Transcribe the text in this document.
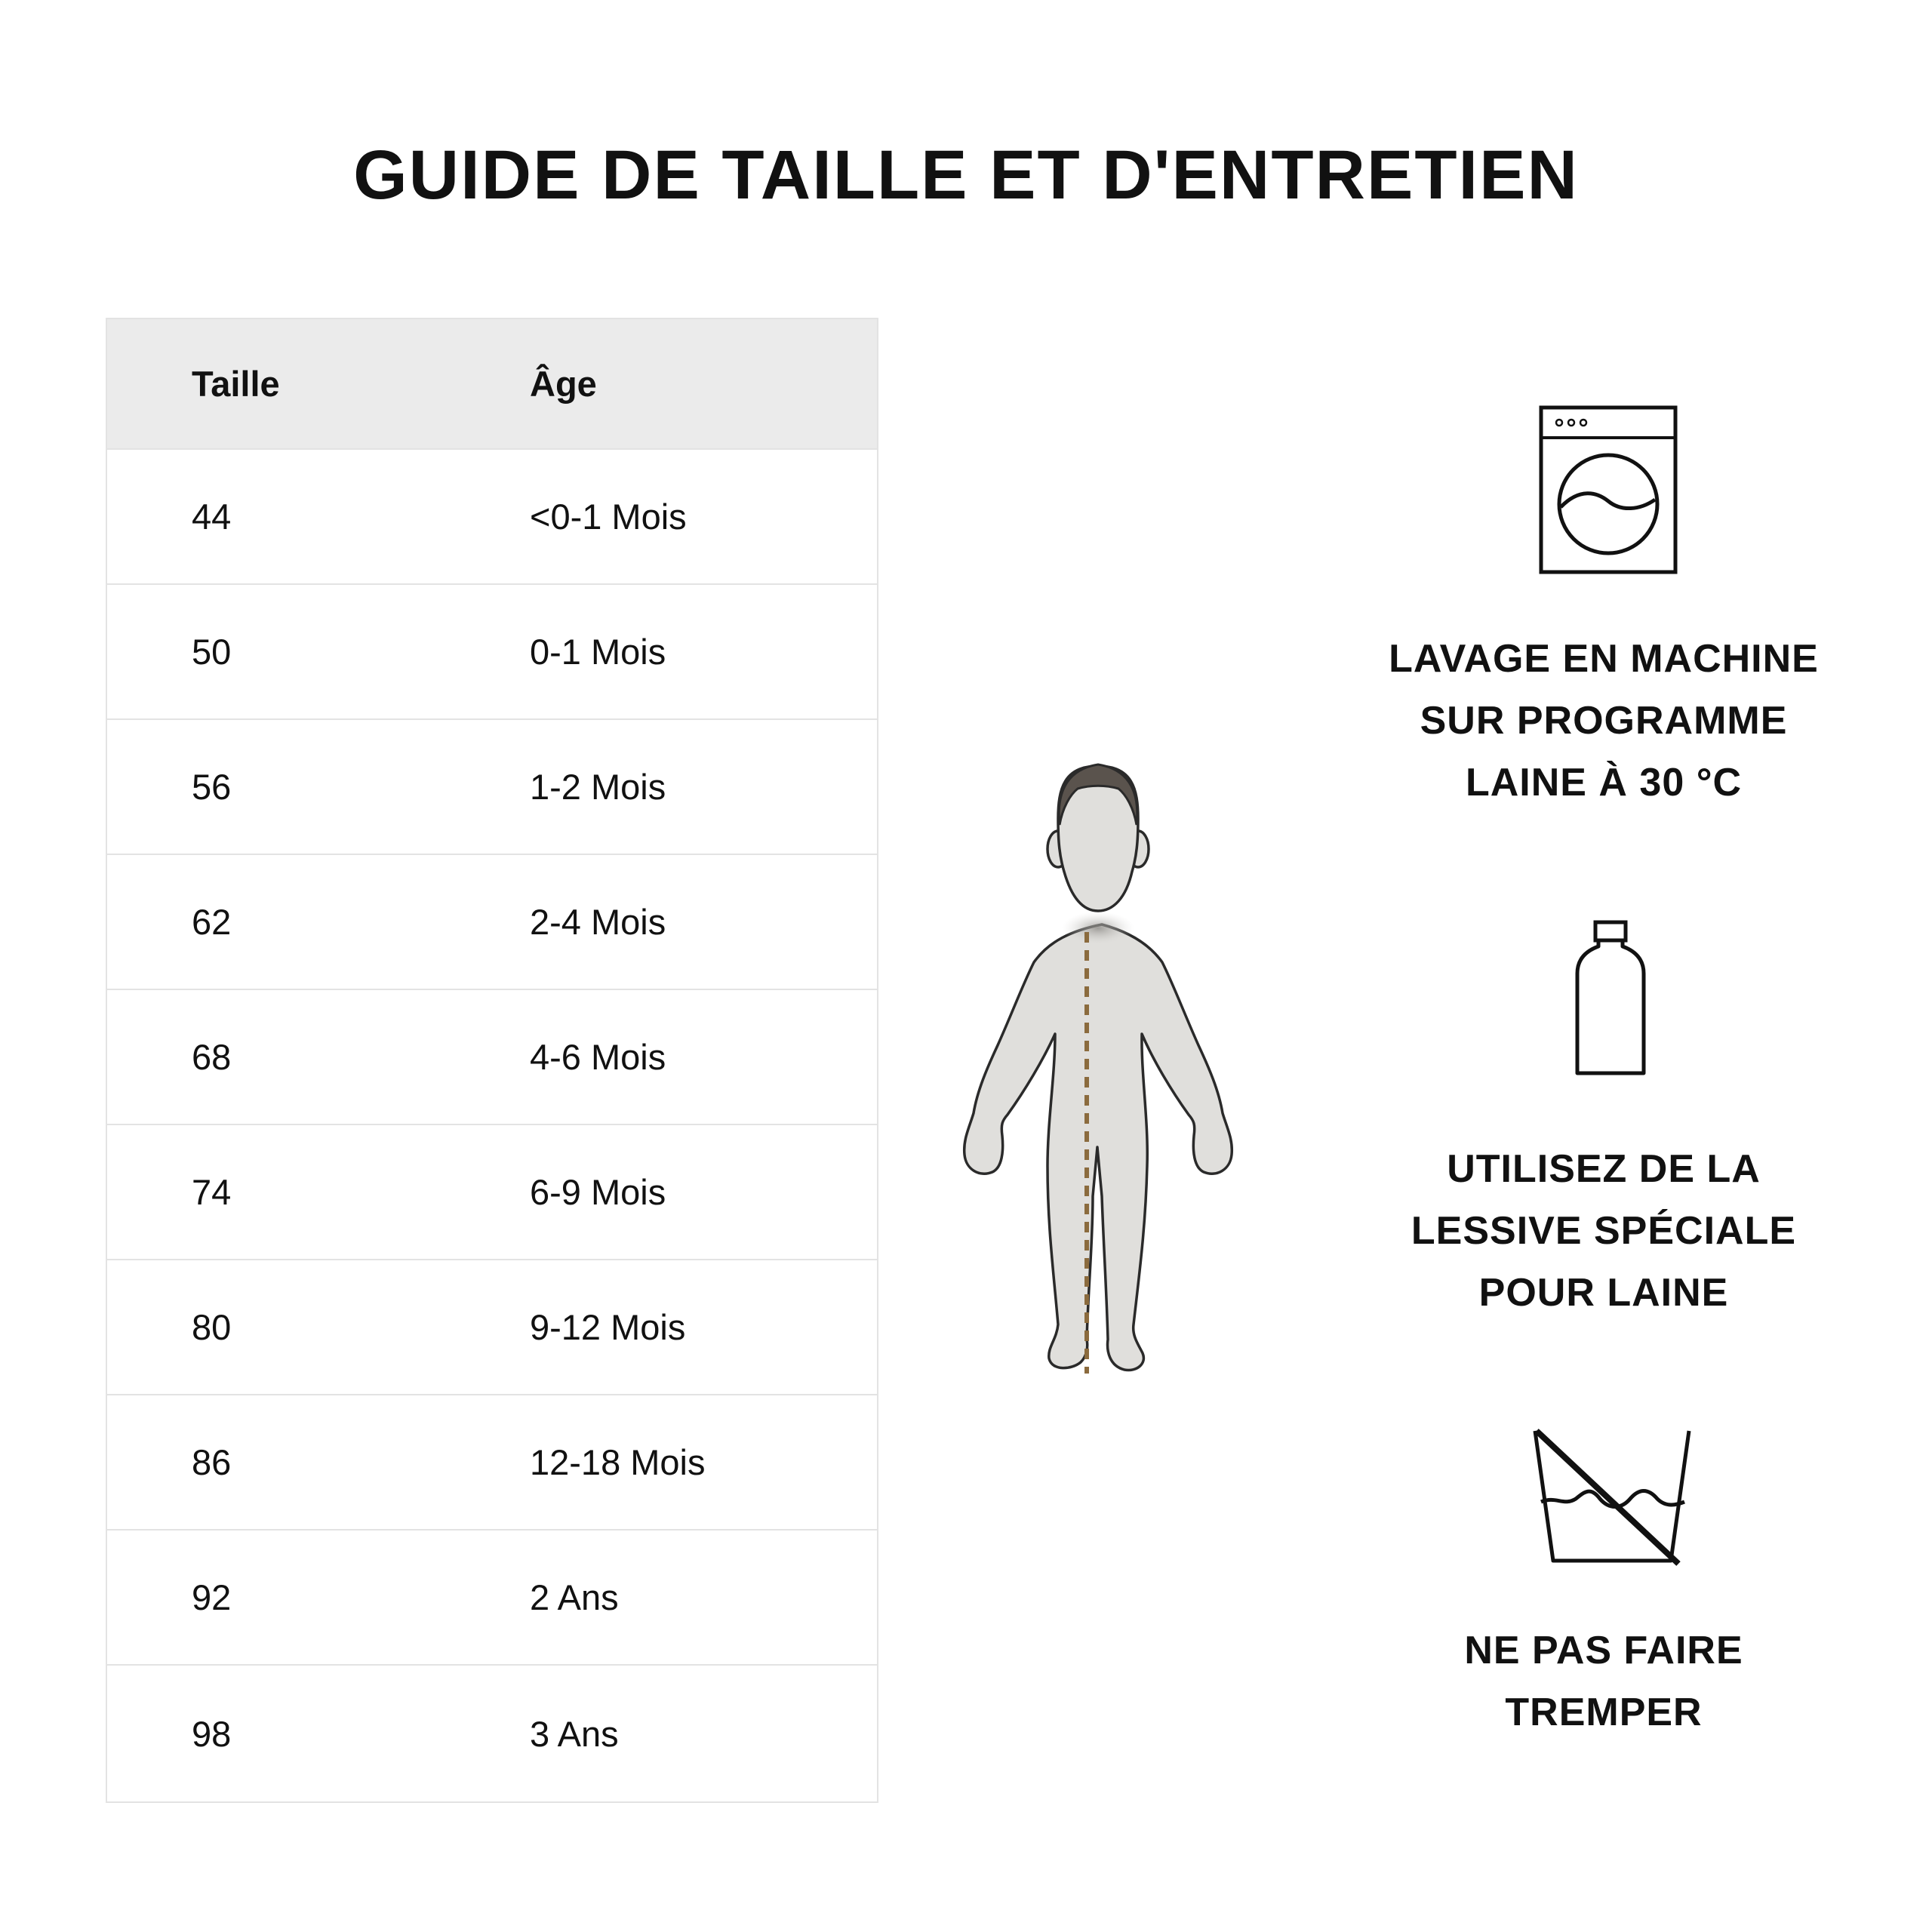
GUIDE DE TAILLE ET D'ENTRETIEN
Taille	Âge
44	<0-1 Mois
50	0-1 Mois
56	1-2 Mois
62	2-4 Mois
68	4-6 Mois
74	6-9 Mois
80	9-12 Mois
86	12-18 Mois
92	2 Ans
98	3 Ans

LAVAGE EN MACHINE
SUR PROGRAMME
LAINE À 30 °C

UTILISEZ DE LA
LESSIVE SPÉCIALE
POUR LAINE

NE PAS FAIRE
TREMPER
